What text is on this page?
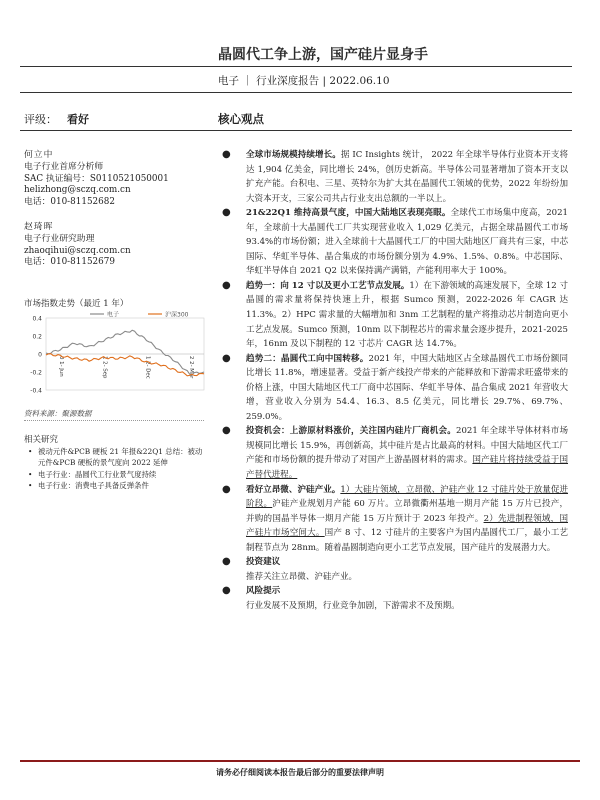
晶圆代工争上游，国产硅片显身手
电子 ｜ 行业深度报告 | 2022.06.10
评级： 看好	核心观点
何立中
电子行业首席分析师
SAC 执证编号：S0110521050001
helizhong@sczq.com.cn
电话：010-81152682
赵琦晖
电子行业研究助理
zhaoqihui@sczq.com.cn
电话：010-81152679
市场指数走势（最近 1 年）
0.4
0.2
0
-0.2
-0.4
0 1- Jun	1 2- Sep	1 2- Dec	2 2- Mar
电子	沪深300
资料来源：聚源数据
相关研究
• 被动元件&PCB 硬板 21 年报&22Q1 总结：被动元件&PCB 硬板的景气度向 2022 延伸
• 电子行业：晶圆代工行业景气度持续
• 电子行业：消费电子具备反弹条件
● 全球市场规模持续增长。据 IC Insights 统计， 2022 年全球半导体行业资本开支将达 1,904 亿美金，同比增长 24%，创历史新高。半导体公司显著增加了资本开支以扩充产能。台积电、三星、英特尔为扩大其在晶圆代工领域的优势，2022 年纷纷加大资本开支，三家公司共占行业支出总额的一半以上。
● 21&22Q1 维持高景气度，中国大陆地区表现亮眼。全球代工市场集中度高，2021 年，全球前十大晶圆代工厂共实现营业收入 1,029 亿美元，占据全球晶圆代工市场 93.4%的市场份额；进入全球前十大晶圆代工厂的中国大陆地区厂商共有三家，中芯国际、华虹半导体、晶合集成的市场份额分别为 4.9%、1.5%、0.8%。中芯国际、华虹半导体自 2021 Q2 以来保持满产满销，产能利用率大于 100%。
● 趋势一：向 12 寸以及更小工艺节点发展。1）在下游领域的高速发展下，全球 12 寸晶圆的需求量将保持快速上升，根据 Sumco 预测，2022-2026 年 CAGR 达 11.3%。2）HPC 需求量的大幅增加和 3nm 工艺制程的量产将推动芯片制造向更小工艺点发展。Sumco 预测，10nm 以下制程芯片的需求量会逐步提升，2021-2025 年，16nm 及以下制程的 12 寸芯片 CAGR 达 14.7%。
● 趋势二：晶圆代工向中国转移。2021 年，中国大陆地区占全球晶圆代工市场份额同比增长 11.8%，增速显著。受益于新产线投产带来的产能释放和下游需求旺盛带来的价格上涨，中国大陆地区代工厂商中芯国际、华虹半导体、晶合集成 2021 年营收大增，营业收入分别为 54.4、16.3、8.5 亿美元，同比增长 29.7%、69.7%、259.0%。
● 投资机会：上游原材料涨价，关注国内硅片厂商机会。2021 年全球半导体材料市场规模同比增长 15.9%，再创新高，其中硅片是占比最高的材料。中国大陆地区代工厂产能和市场份额的提升带动了对国产上游晶圆材料的需求。国产硅片将持续受益于国产替代进程。
● 看好立昂微、沪硅产业。1）大硅片领域，立昂微、沪硅产业 12 寸硅片处于放量促进阶段。沪硅产业规划月产能 60 万片。立昂微衢州基地一期月产能 15 万片已投产，并购的国晶半导体一期月产能 15 万片预计于 2023 年投产。2）先进制程领域，国产硅片市场空间大。国产 8 寸、12 寸硅片的主要客户为国内晶圆代工厂，最小工艺制程节点为 28nm。随着晶圆制造向更小工艺节点发展，国产硅片的发展潜力大。
● 投资建议
推荐关注立昂微、沪硅产业。
● 风险提示
行业发展不及预期，行业竞争加剧，下游需求不及预期。
请务必仔细阅读本报告最后部分的重要法律声明
